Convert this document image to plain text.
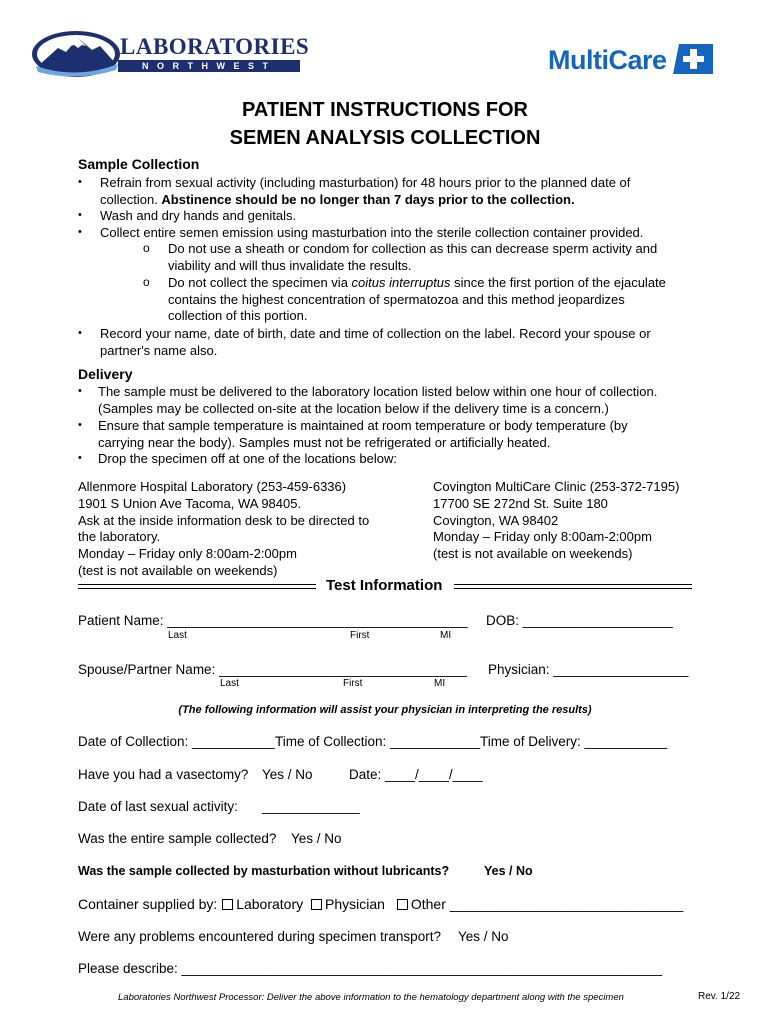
LABORATORIES
N O R T H W E S T	MultiCare
PATIENT INSTRUCTIONS FOR
SEMEN ANALYSIS COLLECTION
Sample Collection
•	Refrain from sexual activity (including masturbation) for 48 hours prior to the planned date of
collection. Abstinence should be no longer than 7 days prior to the collection.
•	Wash and dry hands and genitals.
•	Collect entire semen emission using masturbation into the sterile collection container provided.
o Do not use a sheath or condom for collection as this can decrease sperm activity and
viability and will thus invalidate the results.
o Do not collect the specimen via coitus interruptus since the first portion of the ejaculate
contains the highest concentration of spermatozoa and this method jeopardizes
collection of this portion.
•	Record your name, date of birth, date and time of collection on the label. Record your spouse or
partner's name also.
Delivery
•	The sample must be delivered to the laboratory location listed below within one hour of collection.
(Samples may be collected on-site at the location below if the delivery time is a concern.)
•	Ensure that sample temperature is maintained at room temperature or body temperature (by
carrying near the body). Samples must not be refrigerated or artificially heated.
•	Drop the specimen off at one of the locations below:
Allenmore Hospital Laboratory (253-459-6336)
1901 S Union Ave Tacoma, WA 98405.
Ask at the inside information desk to be directed to
the laboratory.
Monday – Friday only 8:00am-2:00pm
(test is not available on weekends)
Covington MultiCare Clinic (253-372-7195)
17700 SE 272nd St. Suite 180
Covington, WA 98402
Monday – Friday only 8:00am-2:00pm
(test is not available on weekends)
Test Information
Patient Name: ________________________________________ DOB: ____________________
Last	First	MI
Spouse/Partner Name: _________________________________ Physician: __________________
Last	First	MI
(The following information will assist your physician in interpreting the results)
Date of Collection: ___________ Time of Collection: ____________ Time of Delivery: ___________
Have you had a vasectomy? Yes / No	Date: ____/____/____
Date of last sexual activity: _____________
Was the entire sample collected? Yes / No
Was the sample collected by masturbation without lubricants?	Yes / No
Container supplied by: Laboratory Physician Other ______________________________
Were any problems encountered during specimen transport? Yes / No
Please describe: ________________________________________________________________
Laboratories Northwest Processor: Deliver the above information to the hematology department along with the specimen	Rev. 1/22
